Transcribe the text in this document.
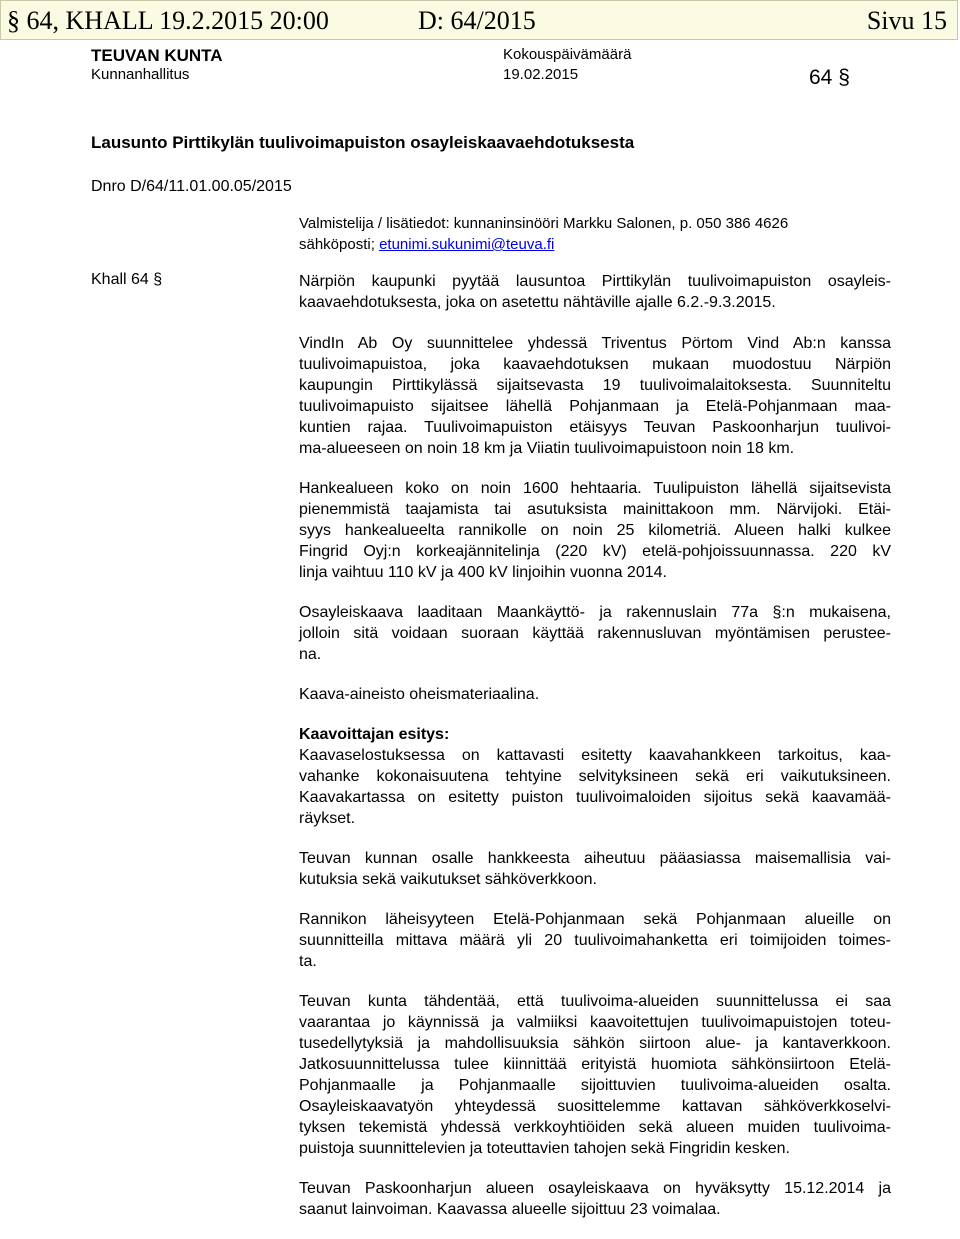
§ 64, KHALL 19.2.2015 20:00	D: 64/2015	Sivu 15
TEUVAN KUNTA
Kunnanhallitus
Kokouspäivämäärä
19.02.2015	64 §
Lausunto Pirttikylän tuulivoimapuiston osayleiskaavaehdotuksesta
Dnro D/64/11.01.00.05/2015
Valmistelija / lisätiedot: kunnaninsinööri Markku Salonen, p. 050 386 4626
sähköposti; etunimi.sukunimi@teuva.fi
Khall 64 §	Närpiön kaupunki pyytää lausuntoa Pirttikylän tuulivoimapuiston osayleis-
kaavaehdotuksesta, joka on asetettu nähtäville ajalle 6.2.-9.3.2015.

VindIn Ab Oy suunnittelee yhdessä Triventus Pörtom Vind Ab:n kanssa
tuulivoimapuistoa, joka kaavaehdotuksen mukaan muodostuu Närpiön
kaupungin Pirttikylässä sijaitsevasta 19 tuulivoimalaitoksesta. Suunniteltu
tuulivoimapuisto sijaitsee lähellä Pohjanmaan ja Etelä-Pohjanmaan maa-
kuntien rajaa. Tuulivoimapuiston etäisyys Teuvan Paskoonharjun tuulivoi-
ma-alueeseen on noin 18 km ja Viiatin tuulivoimapuistoon noin 18 km.

Hankealueen koko on noin 1600 hehtaaria. Tuulipuiston lähellä sijaitsevista
pienemmistä taajamista tai asutuksista mainittakoon mm. Närvijoki. Etäi-
syys hankealueelta rannikolle on noin 25 kilometriä. Alueen halki kulkee
Fingrid Oyj:n korkeajännitelinja (220 kV) etelä-pohjoissuunnassa. 220 kV
linja vaihtuu 110 kV ja 400 kV linjoihin vuonna 2014.

Osayleiskaava laaditaan Maankäyttö- ja rakennuslain 77a §:n mukaisena,
jolloin sitä voidaan suoraan käyttää rakennusluvan myöntämisen perustee-
na.

Kaava-aineisto oheismateriaalina.

Kaavoittajan esitys:
Kaavaselostuksessa on kattavasti esitetty kaavahankkeen tarkoitus, kaa-
vahanke kokonaisuutena tehtyine selvityksineen sekä eri vaikutuksineen.
Kaavakartassa on esitetty puiston tuulivoimaloiden sijoitus sekä kaavamää-
räykset.

Teuvan kunnan osalle hankkeesta aiheutuu pääasiassa maisemallisia vai-
kutuksia sekä vaikutukset sähköverkkoon.

Rannikon läheisyyteen Etelä-Pohjanmaan sekä Pohjanmaan alueille on
suunnitteilla mittava määrä yli 20 tuulivoimahanketta eri toimijoiden toimes-
ta.

Teuvan kunta tähdentää, että tuulivoima-alueiden suunnittelussa ei saa
vaarantaa jo käynnissä ja valmiiksi kaavoitettujen tuulivoimapuistojen toteu-
tusedellytyksiä ja mahdollisuuksia sähkön siirtoon alue- ja kantaverkkoon.
Jatkosuunnittelussa tulee kiinnittää erityistä huomiota sähkönsiirtoon Etelä-
Pohjanmaalle ja Pohjanmaalle sijoittuvien tuulivoima-alueiden osalta.
Osayleiskaavatyön yhteydessä suosittelemme kattavan sähköverkkoselvi-
tyksen tekemistä yhdessä verkkoyhtiöiden sekä alueen muiden tuulivoima-
puistoja suunnittelevien ja toteuttavien tahojen sekä Fingridin kesken.

Teuvan Paskoonharjun alueen osayleiskaava on hyväksytty 15.12.2014 ja
saanut lainvoiman. Kaavassa alueelle sijoittuu 23 voimalaa.
